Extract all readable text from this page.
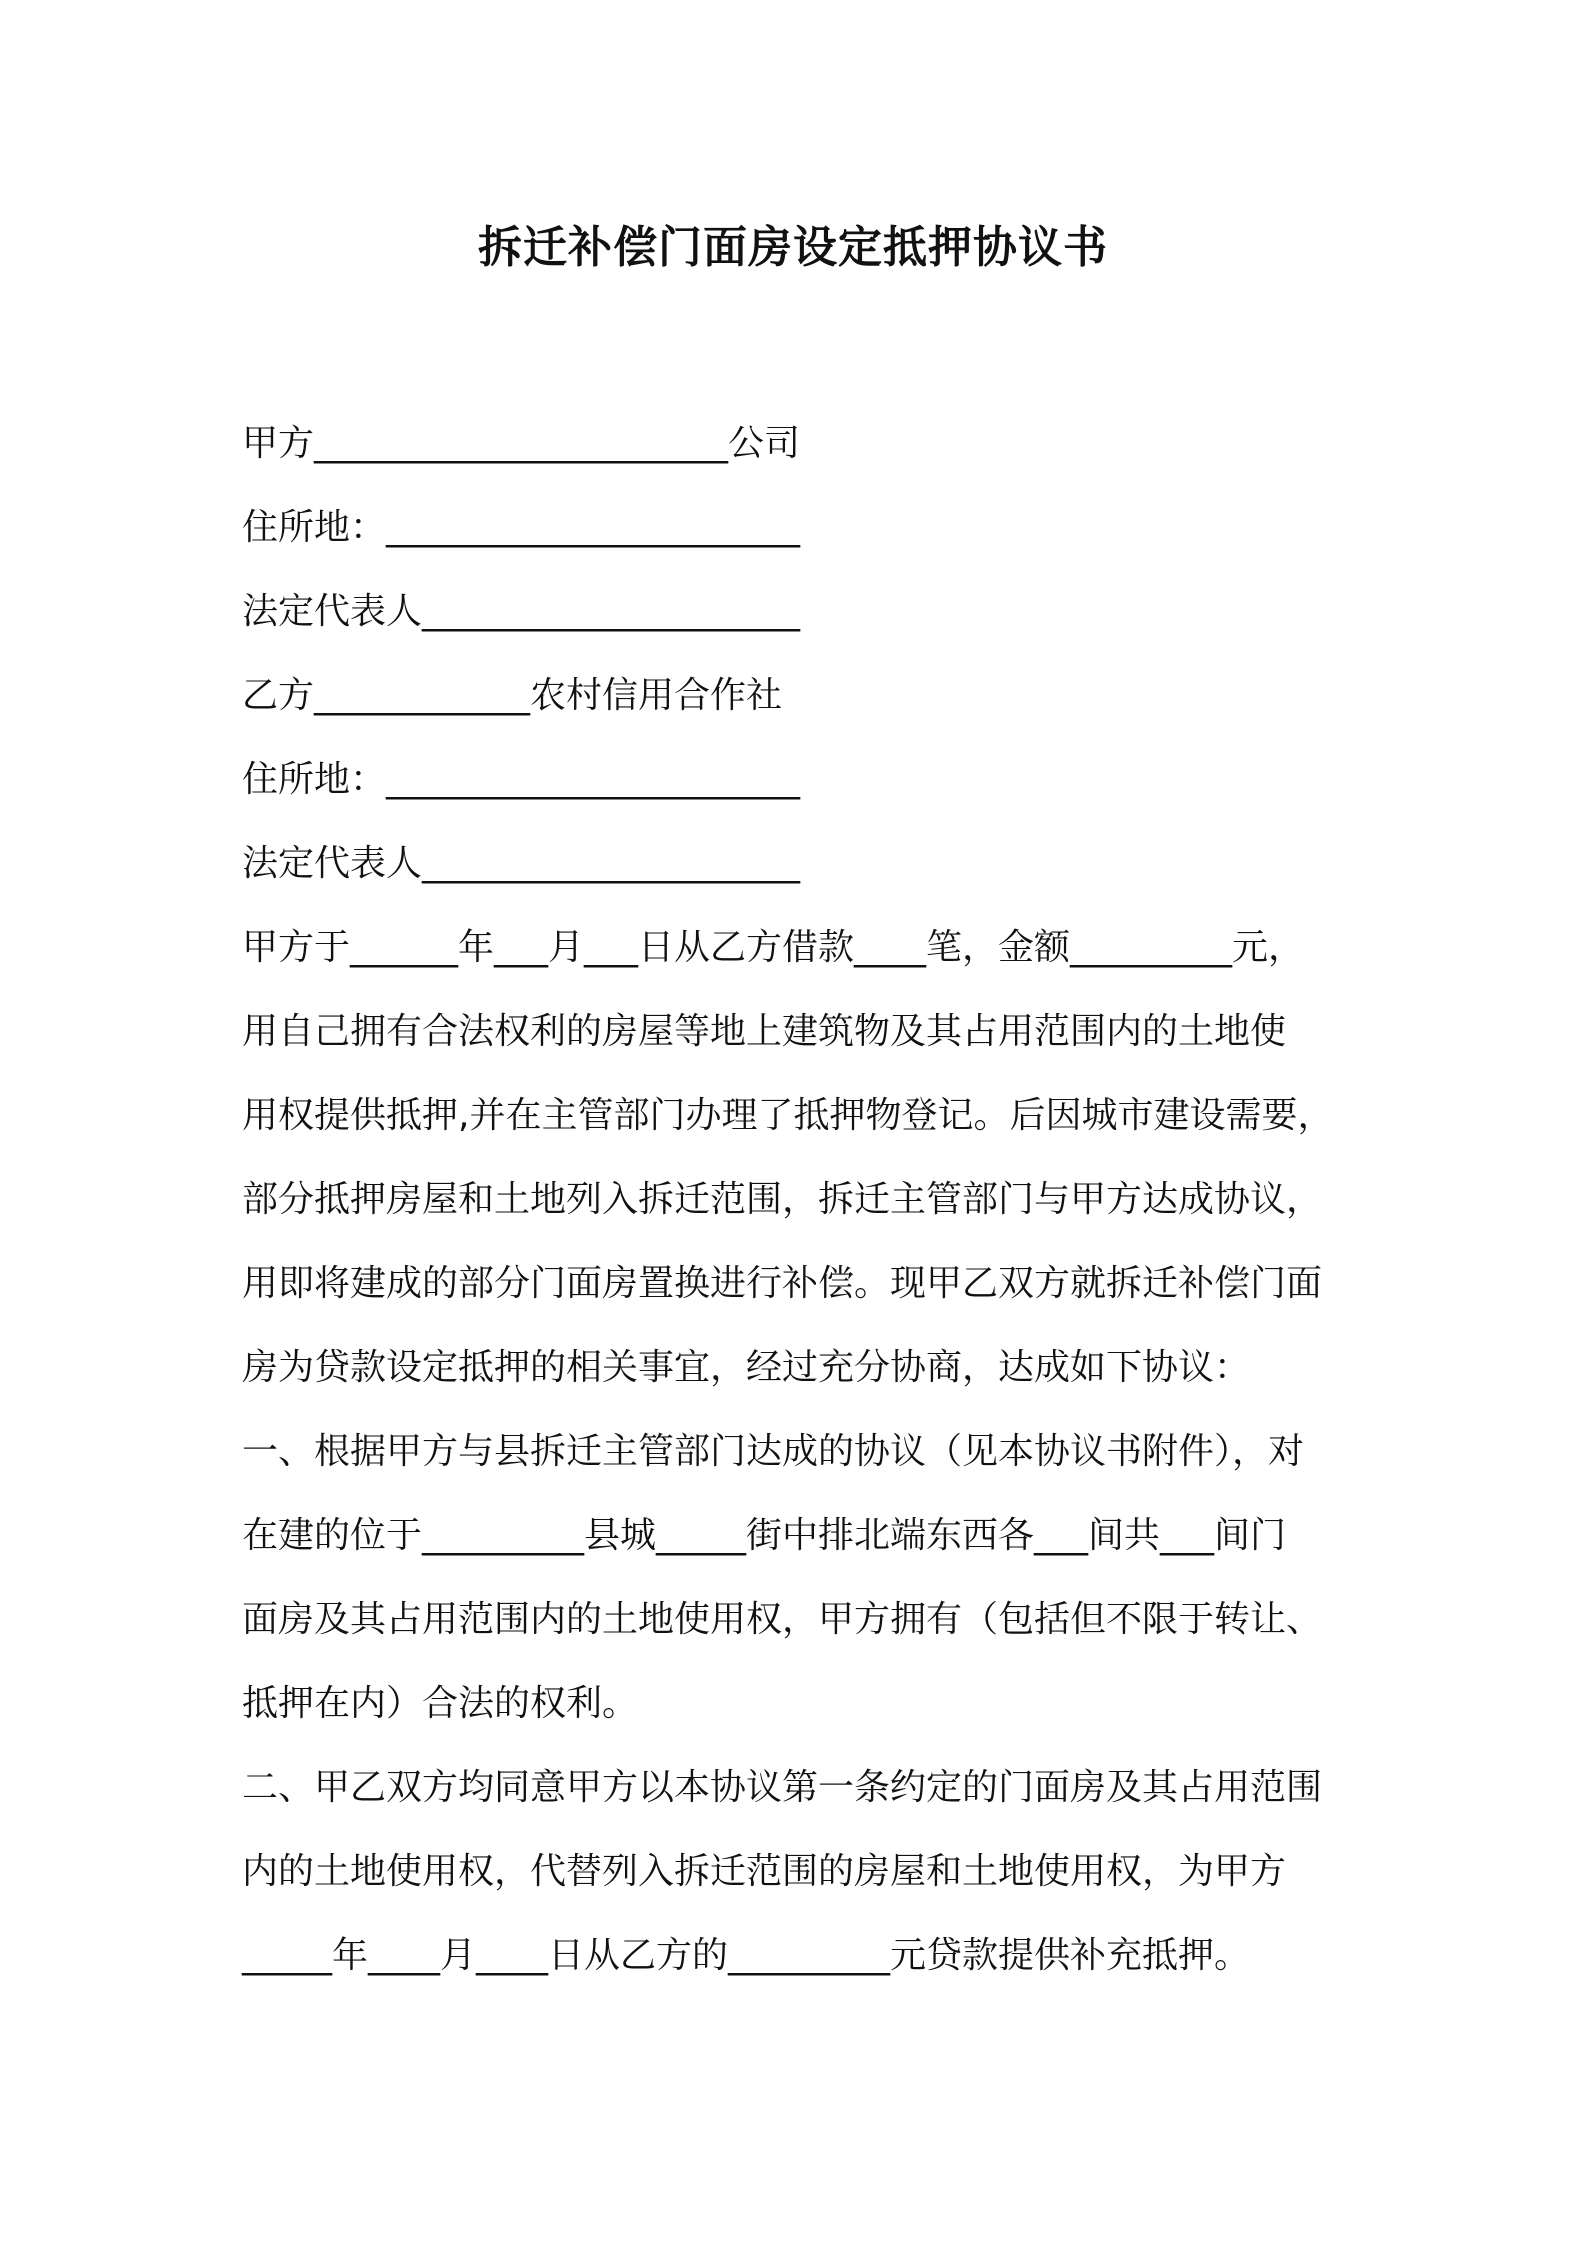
拆迁补偿门面房设定抵押协议书
甲方_______________________公司
住所地：_______________________
法定代表人_____________________
乙方____________农村信用合作社
住所地：_______________________
法定代表人_____________________
甲方于______年___月___日从乙方借款____笔，金额_________元，
用自己拥有合法权利的房屋等地上建筑物及其占用范围内的土地使
用权提供抵押,并在主管部门办理了抵押物登记。后因城市建设需要，
部分抵押房屋和土地列入拆迁范围，拆迁主管部门与甲方达成协议，
用即将建成的部分门面房置换进行补偿。现甲乙双方就拆迁补偿门面
房为贷款设定抵押的相关事宜，经过充分协商，达成如下协议：
一、根据甲方与县拆迁主管部门达成的协议（见本协议书附件），对
在建的位于_________县城_____街中排北端东西各___间共___间门
面房及其占用范围内的土地使用权，甲方拥有（包括但不限于转让、
抵押在内）合法的权利。
二、甲乙双方均同意甲方以本协议第一条约定的门面房及其占用范围
内的土地使用权，代替列入拆迁范围的房屋和土地使用权，为甲方
_____年____月____日从乙方的_________元贷款提供补充抵押。
